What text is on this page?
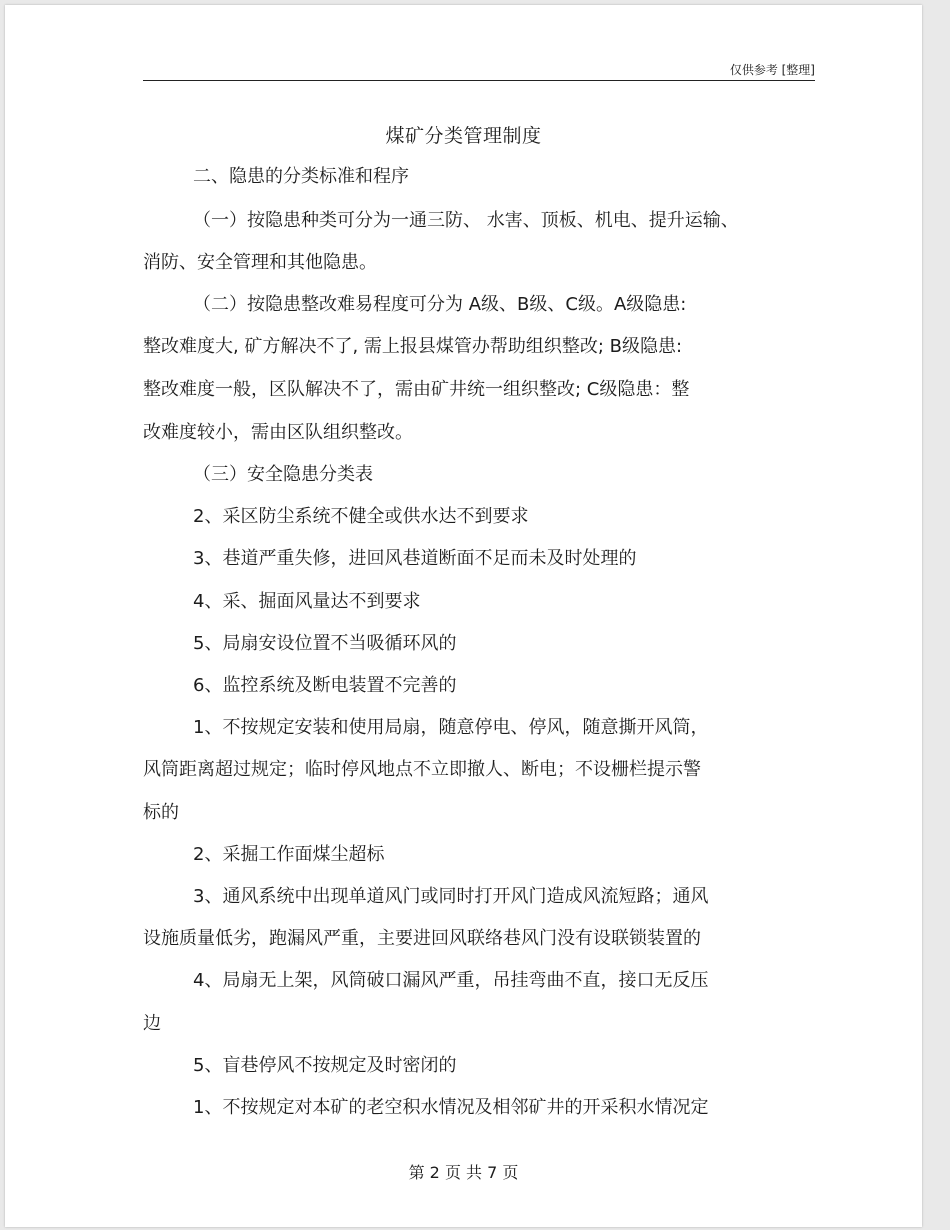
仅供参考 [整理]
煤矿分类管理制度
二、隐患的分类标准和程序
（一）按隐患种类可分为一通三防、 水害、顶板、机电、提升运输、
消防、安全管理和其他隐患。
（二）按隐患整改难易程度可分为 A级、B级、C级。A级隐患:
整改难度大, 矿方解决不了, 需上报县煤管办帮助组织整改; B级隐患:
整改难度一般，区队解决不了，需由矿井统一组织整改; C级隐患：整
改难度较小，需由区队组织整改。
（三）安全隐患分类表
2、采区防尘系统不健全或供水达不到要求
3、巷道严重失修，进回风巷道断面不足而未及时处理的
4、采、掘面风量达不到要求
5、局扇安设位置不当吸循环风的
6、监控系统及断电装置不完善的
1、不按规定安装和使用局扇，随意停电、停风，随意撕开风筒，
风筒距离超过规定；临时停风地点不立即撤人、断电；不设栅栏提示警
标的
2、采掘工作面煤尘超标
3、通风系统中出现单道风门或同时打开风门造成风流短路；通风
设施质量低劣，跑漏风严重，主要进回风联络巷风门没有设联锁装置的
4、局扇无上架，风筒破口漏风严重，吊挂弯曲不直，接口无反压
边
5、盲巷停风不按规定及时密闭的
1、不按规定对本矿的老空积水情况及相邻矿井的开采积水情况定
第 2 页 共 7 页
